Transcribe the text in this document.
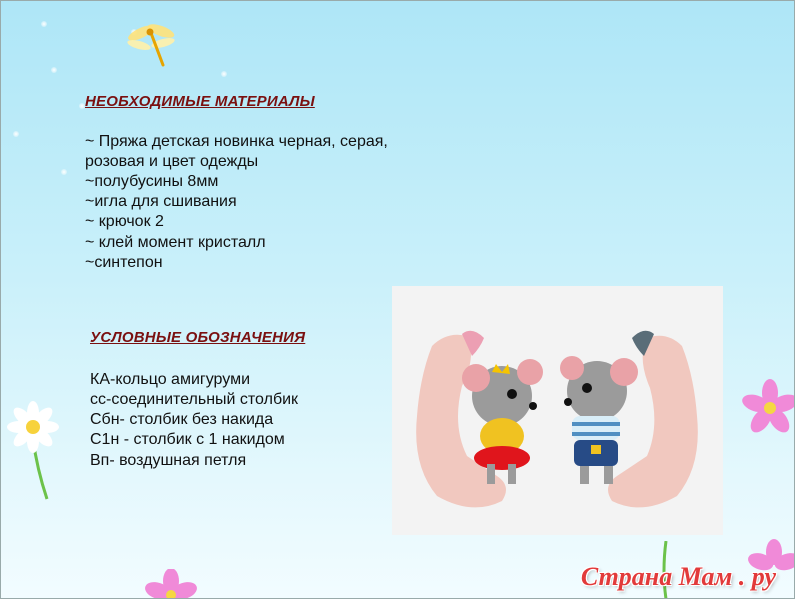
НЕОБХОДИМЫЕ МАТЕРИАЛЫ
~ Пряжа детская новинка черная, серая,
розовая и цвет одежды
~полубусины 8мм
~игла для сшивания
~ крючок 2
~ клей момент кристалл
~синтепон
УСЛОВНЫЕ ОБОЗНАЧЕНИЯ
КА-кольцо амигуруми
сс-соединительный столбик
Сбн- столбик без накида
С1н - столбик с 1 накидом
Вп- воздушная петля
Страна Мам . ру
